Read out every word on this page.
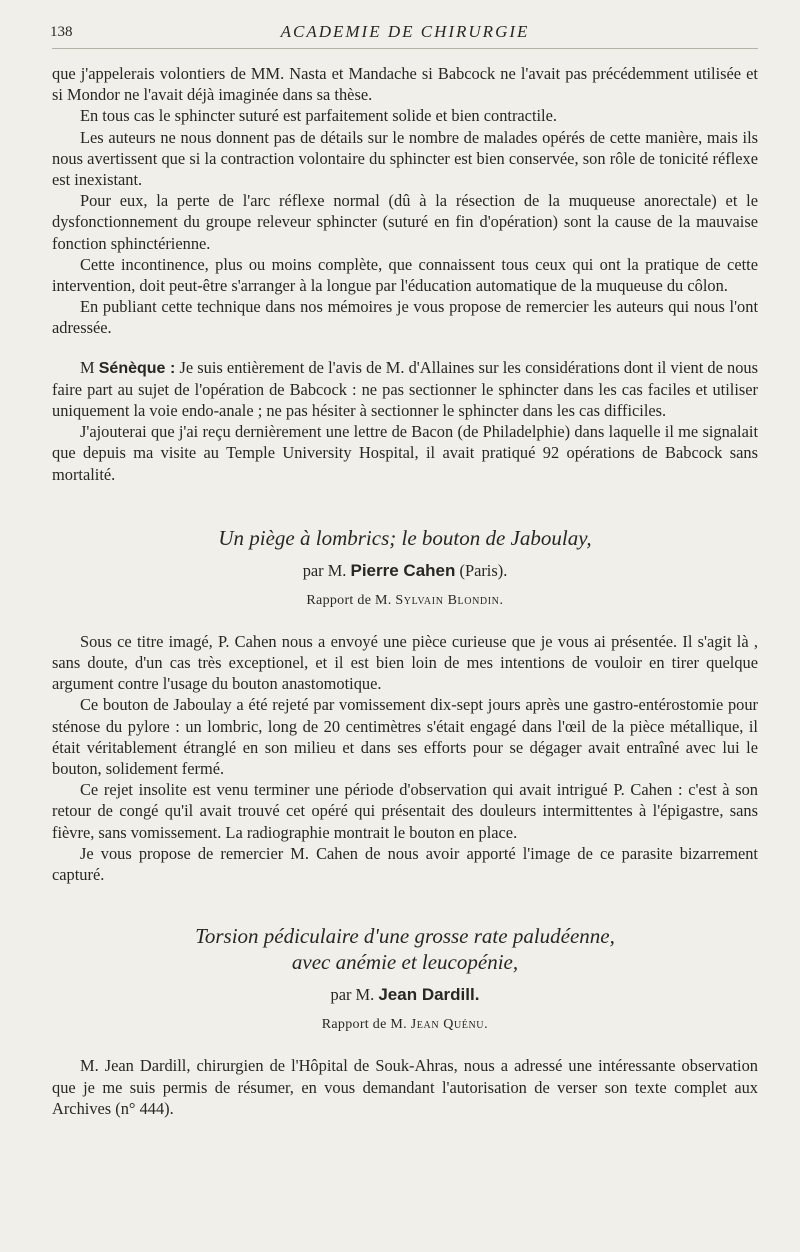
138	ACADEMIE DE CHIRURGIE

que j'appelerais volontiers de MM. Nasta et Mandache si Babcock ne l'avait pas précédemment utilisée et si Mondor ne l'avait déjà imaginée dans sa thèse.

En tous cas le sphincter suturé est parfaitement solide et bien contractile.

Les auteurs ne nous donnent pas de détails sur le nombre de malades opérés de cette manière, mais ils nous avertissent que si la contraction volontaire du sphincter est bien conservée, son rôle de tonicité réflexe est inexistant.

Pour eux, la perte de l'arc réflexe normal (dû à la résection de la muqueuse anorectale) et le dysfonctionnement du groupe releveur sphincter (suturé en fin d'opération) sont la cause de la mauvaise fonction sphinctérienne.

Cette incontinence, plus ou moins complète, que connaissent tous ceux qui ont la pratique de cette intervention, doit peut-être s'arranger à la longue par l'éducation automatique de la muqueuse du côlon.

En publiant cette technique dans nos mémoires je vous propose de remercier les auteurs qui nous l'ont adressée.

M Sénèque : Je suis entièrement de l'avis de M. d'Allaines sur les considérations dont il vient de nous faire part au sujet de l'opération de Babcock : ne pas sectionner le sphincter dans les cas faciles et utiliser uniquement la voie endo-anale ; ne pas hésiter à sectionner le sphincter dans les cas difficiles.

J'ajouterai que j'ai reçu dernièrement une lettre de Bacon (de Philadelphie) dans laquelle il me signalait que depuis ma visite au Temple University Hospital, il avait pratiqué 92 opérations de Babcock sans mortalité.

Un piège à lombrics; le bouton de Jaboulay,
par M. Pierre Cahen (Paris).
Rapport de M. Sylvain Blondin.

Sous ce titre imagé, P. Cahen nous a envoyé une pièce curieuse que je vous ai présentée. Il s'agit là , sans doute, d'un cas très exceptionel, et il est bien loin de mes intentions de vouloir en tirer quelque argument contre l'usage du bouton anastomotique.

Ce bouton de Jaboulay a été rejeté par vomissement dix-sept jours après une gastro-entérostomie pour sténose du pylore : un lombric, long de 20 centimètres s'était engagé dans l'œil de la pièce métallique, il était véritablement étranglé en son milieu et dans ses efforts pour se dégager avait entraîné avec lui le bouton, solidement fermé.

Ce rejet insolite est venu terminer une période d'observation qui avait intrigué P. Cahen : c'est à son retour de congé qu'il avait trouvé cet opéré qui présentait des douleurs intermittentes à l'épigastre, sans fièvre, sans vomissement. La radiographie montrait le bouton en place.

Je vous propose de remercier M. Cahen de nous avoir apporté l'image de ce parasite bizarrement capturé.

Torsion pédiculaire d'une grosse rate paludéenne,
avec anémie et leucopénie,
par M. Jean Dardill.
Rapport de M. Jean Quénu.

M. Jean Dardill, chirurgien de l'Hôpital de Souk-Ahras, nous a adressé une intéressante observation que je me suis permis de résumer, en vous demandant l'autorisation de verser son texte complet aux Archives (n° 444).
